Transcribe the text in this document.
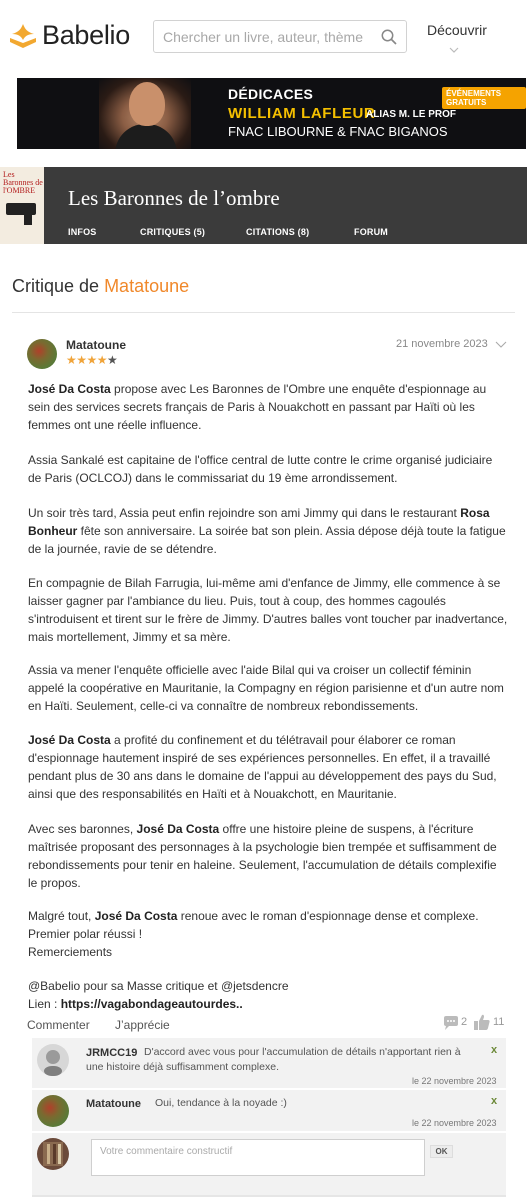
Babelio
Chercher un livre, auteur, thème	Découvrir
DÉDICACES
WILLIAM LAFLEUR
ALIAS M. LE PROF
FNAC LIBOURNE & FNAC BIGANOS
ÉVÉNEMENTS GRATUITS
Les Baronnes de l'OMBRE	Les Baronnes de l’ombre
INFOS	CRITIQUES (5)	CITATIONS (8)	FORUM
Critique de Matatoune
Matatoune
★★★★★
21 novembre 2023
José Da Costa propose avec Les Baronnes de l'Ombre une enquête d'espionnage au sein des services secrets français de Paris à Nouakchott en passant par Haïti où les femmes ont une réelle influence.
Assia Sankalé est capitaine de l'office central de lutte contre le crime organisé judiciaire de Paris (OCLCOJ) dans le commissariat du 19 ème arrondissement.
Un soir très tard, Assia peut enfin rejoindre son ami Jimmy qui dans le restaurant Rosa Bonheur fête son anniversaire. La soirée bat son plein. Assia dépose déjà toute la fatigue de la journée, ravie de se détendre.
En compagnie de Bilah Farrugia, lui-même ami d'enfance de Jimmy, elle commence à se laisser gagner par l'ambiance du lieu. Puis, tout à coup, des hommes cagoulés s'introduisent et tirent sur le frère de Jimmy. D'autres balles vont toucher par inadvertance, mais mortellement, Jimmy et sa mère.
Assia va mener l'enquête officielle avec l'aide Bilal qui va croiser un collectif féminin appelé la coopérative en Mauritanie, la Compagny en région parisienne et d'un autre nom en Haïti. Seulement, celle-ci va connaître de nombreux rebondissements.
José Da Costa a profité du confinement et du télétravail pour élaborer ce roman d'espionnage hautement inspiré de ses expériences personnelles. En effet, il a travaillé pendant plus de 30 ans dans le domaine de l'appui au développement des pays du Sud, ainsi que des responsabilités en Haïti et à Nouakchott, en Mauritanie.
Avec ses baronnes, José Da Costa offre une histoire pleine de suspens, à l'écriture maîtrisée proposant des personnages à la psychologie bien trempée et suffisamment de rebondissements pour tenir en haleine. Seulement, l'accumulation de détails complexifie le propos.
Malgré tout, José Da Costa renoue avec le roman d'espionnage dense et complexe.
Premier polar réussi !
Remerciements
@Babelio pour sa Masse critique et @jetsdencre
Lien : https://vagabondageautourdes..
Commenter J’apprécie	2 11
JRMCC19 D'accord avec vous pour l'accumulation de détails n'apportant rien à une histoire déjà suffisamment complexe.
le 22 novembre 2023
x
Matatoune Oui, tendance à la noyade :)
le 22 novembre 2023
x
Votre commentaire constructif
OK
